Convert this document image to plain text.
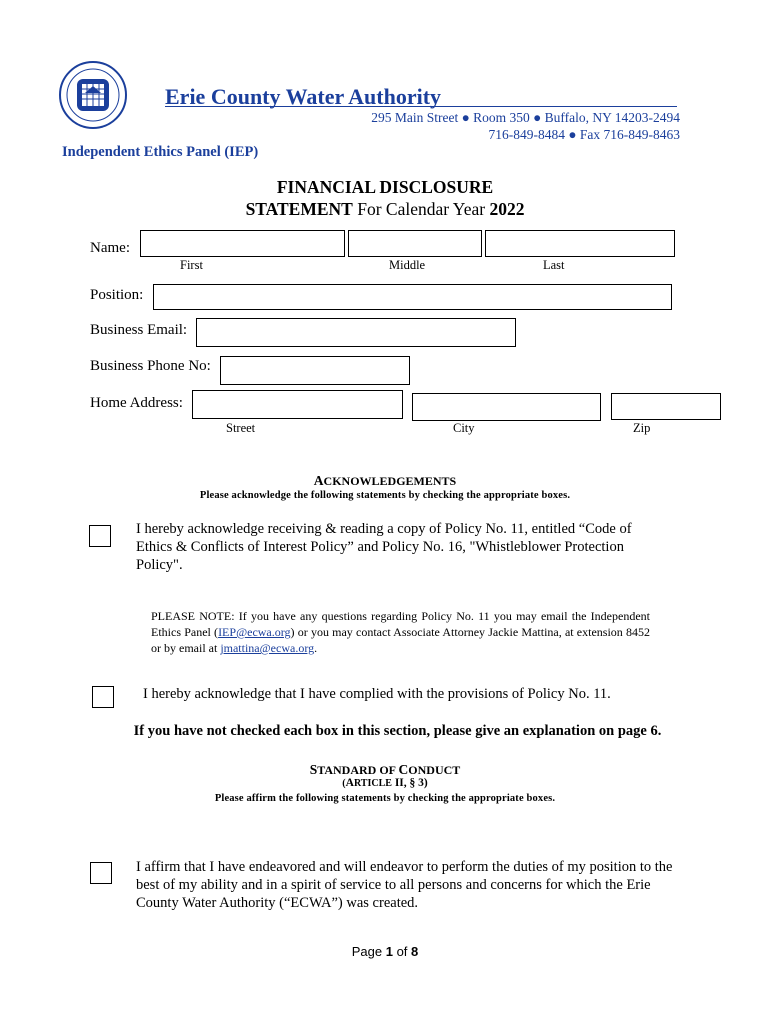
Erie County Water Authority
295 Main Street ● Room 350 ● Buffalo, NY 14203-2494
716-849-8484 ● Fax 716-849-8463
Independent Ethics Panel (IEP)
FINANCIAL DISCLOSURE
STATEMENT For Calendar Year 2022
Name:
First	Middle	Last
Position:
Business Email:
Business Phone No:
Home Address:
Street	City	Zip
ACKNOWLEDGEMENTS
Please acknowledge the following statements by checking the appropriate boxes.
I hereby acknowledge receiving & reading a copy of Policy No. 11, entitled “Code of Ethics & Conflicts of Interest Policy” and Policy No. 16, "Whistleblower Protection Policy".
PLEASE NOTE: If you have any questions regarding Policy No. 11 you may email the Independent Ethics Panel (IEP@ecwa.org) or you may contact Associate Attorney Jackie Mattina, at extension 8452 or by email at jmattina@ecwa.org.
I hereby acknowledge that I have complied with the provisions of Policy No. 11.
If you have not checked each box in this section, please give an explanation on page 6.
STANDARD OF CONDUCT
(ARTICLE II, § 3)
Please affirm the following statements by checking the appropriate boxes.
I affirm that I have endeavored and will endeavor to perform the duties of my position to the best of my ability and in a spirit of service to all persons and concerns for which the Erie County Water Authority (“ECWA”) was created.
Page 1 of 8
